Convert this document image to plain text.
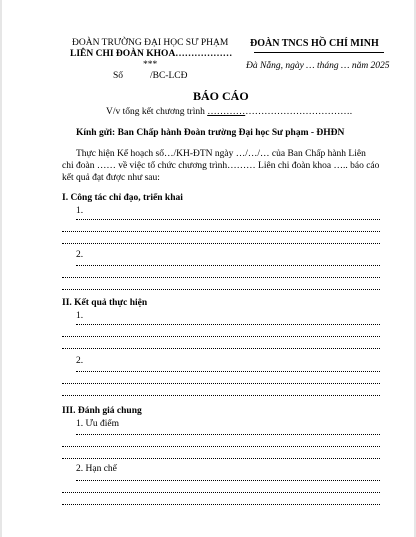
ĐOÀN TRƯỜNG ĐẠI HỌC SƯ PHẠM
LIÊN CHI ĐOÀN KHOA………………
***
Số	/BC-LCĐ
ĐOÀN TNCS HỒ CHÍ MINH
Đà Nẵng, ngày … tháng … năm 2025
BÁO CÁO
V/v tổng kết chương trình ……………………………………….
Kính gửi: Ban Chấp hành Đoàn trường Đại học Sư phạm - ĐHĐN
Thực hiện Kế hoạch số…/KH-ĐTN ngày …/…/… của Ban Chấp hành Liên
chi đoàn …… về việc tổ chức chương trình……… Liên chi đoàn khoa ….. báo cáo
kết quả đạt được như sau:
I. Công tác chỉ đạo, triển khai
1.
2.
II. Kết quả thực hiện
1.
2.
III. Đánh giá chung
1. Ưu điểm
2. Hạn chế
